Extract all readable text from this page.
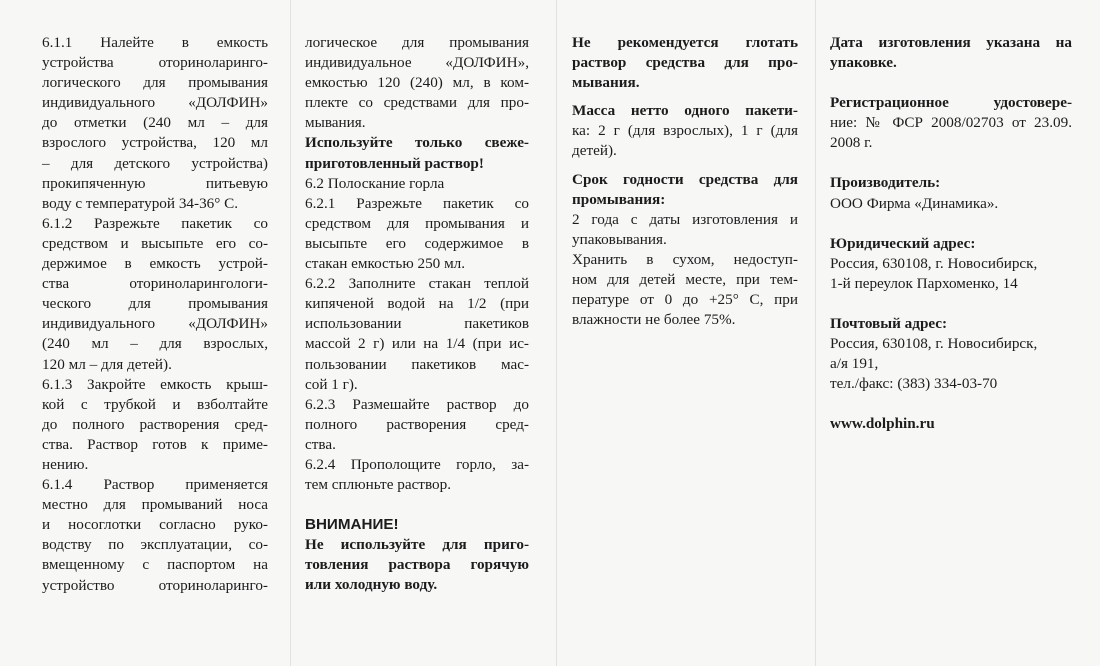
6.1.1 Налейте в емкость

устройства оториноларинго-

логического для промывания

индивидуального «ДОЛФИН»

до отметки (240 мл – для

взрослого устройства, 120 мл

– для детского устройства)

прокипяченную питьевую

воду с температурой 34-36° С.

6.1.2 Разрежьте пакетик со

средством и высыпьте его со-

держимое в емкость устрой-

ства оториноларингологи-

ческого для промывания

индивидуального «ДОЛФИН»

(240 мл – для взрослых,

120 мл – для детей).

6.1.3 Закройте емкость крыш-

кой с трубкой и взболтайте

до полного растворения сред-

ства. Раствор готов к приме-

нению.

6.1.4 Раствор применяется

местно для промываний носа

и носоглотки согласно руко-

водству по эксплуатации, со-

вмещенному с паспортом на

устройство оториноларинго-

логическое для промывания

индивидуальное «ДОЛФИН»,

емкостью 120 (240) мл, в ком-

плекте со средствами для про-

мывания.

Используйте только свеже-

приготовленный раствор!

6.2 Полоскание горла

6.2.1 Разрежьте пакетик со

средством для промывания и

высыпьте его содержимое в

стакан емкостью 250 мл.

6.2.2 Заполните стакан теплой

кипяченой водой на 1/2 (при

использовании пакетиков

массой 2 г) или на 1/4 (при ис-

пользовании пакетиков мас-

сой 1 г).

6.2.3 Размешайте раствор до

полного растворения сред-

ства.

6.2.4 Прополощите горло, за-

тем сплюньте раствор.

ВНИМАНИЕ!

Не используйте для приго-

товления раствора горячую

или холодную воду.

Не рекомендуется глотать

раствор средства для про-

мывания.

Масса нетто одного пакети-

ка: 2 г (для взрослых), 1 г (для

детей).

Срок годности средства для

промывания:

2 года с даты изготовления и

упаковывания.

Хранить в сухом, недоступ-

ном для детей месте, при тем-

пературе от 0 до +25° С, при

влажности не более 75%.

Дата изготовления указана на

упаковке.

Регистрационное удостовере-

ние: № ФСР 2008/02703 от 23.09.

2008 г.

Производитель:

ООО Фирма «Динамика».

Юридический адрес:

Россия, 630108, г. Новосибирск,

1-й переулок Пархоменко, 14

Почтовый адрес:

Россия, 630108, г. Новосибирск,

а/я 191,

тел./факс: (383) 334-03-70

www.dolphin.ru
